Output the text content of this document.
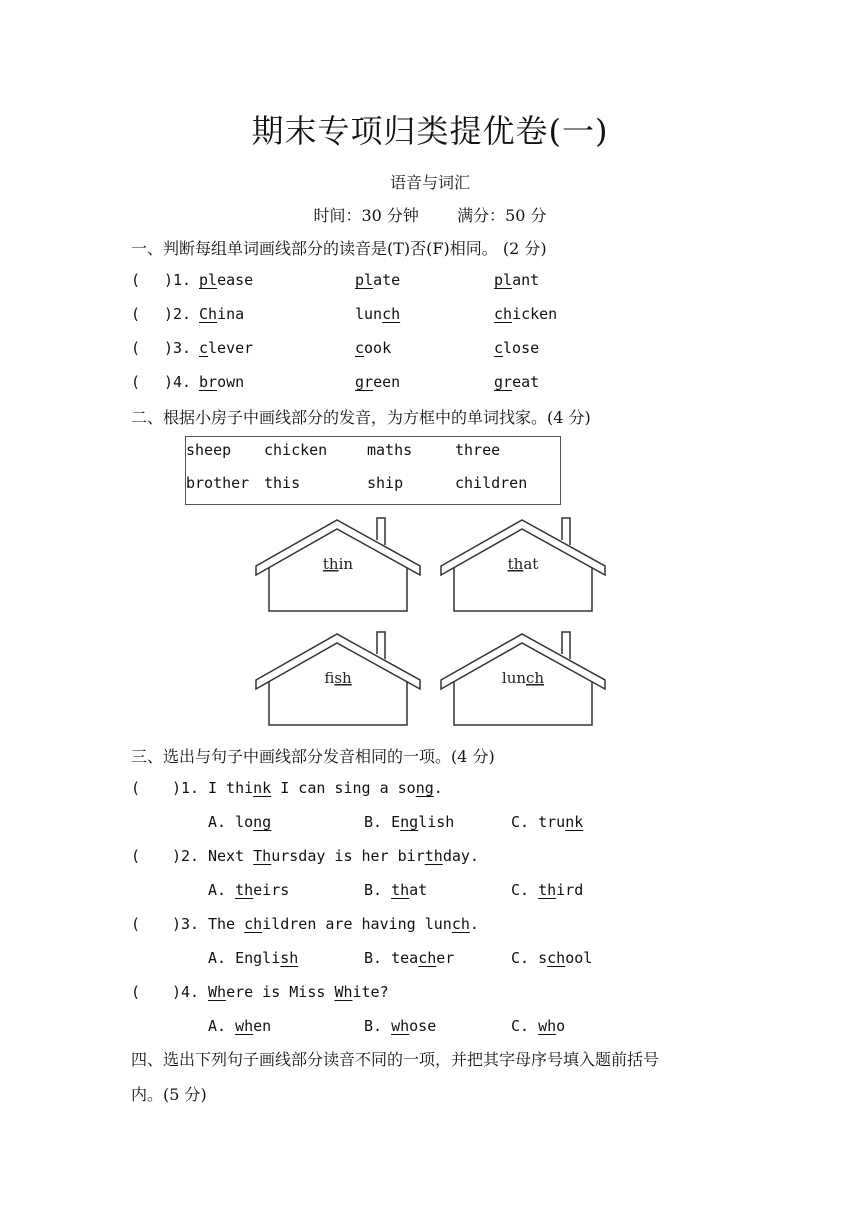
期末专项归类提优卷(一)
语音与词汇
时间：30 分钟 满分：50 分
一、判断每组单词画线部分的读音是(T)否(F)相同。 (2 分)
( )1. please	plate	plant
( )2. China	lunch	chicken
( )3. clever	cook	close
( )4. brown	green	great
二、根据小房子中画线部分的发音，为方框中的单词找家。(4 分)
sheep chicken	maths	three
brother this	ship	children
thin	that
fish	lunch
三、选出与句子中画线部分发音相同的一项。(4 分)
( )1. I think I can sing a song.
A. long	B. English	C. trunk
( )2. Next Thursday is her birthday.
A. theirs	B. that	C. third
( )3. The children are having lunch.
A. English	B. teacher	C. school
( )4. Where is Miss White?
A. when	B. whose	C. who
四、选出下列句子画线部分读音不同的一项，并把其字母序号填入题前括号
内。(5 分)
